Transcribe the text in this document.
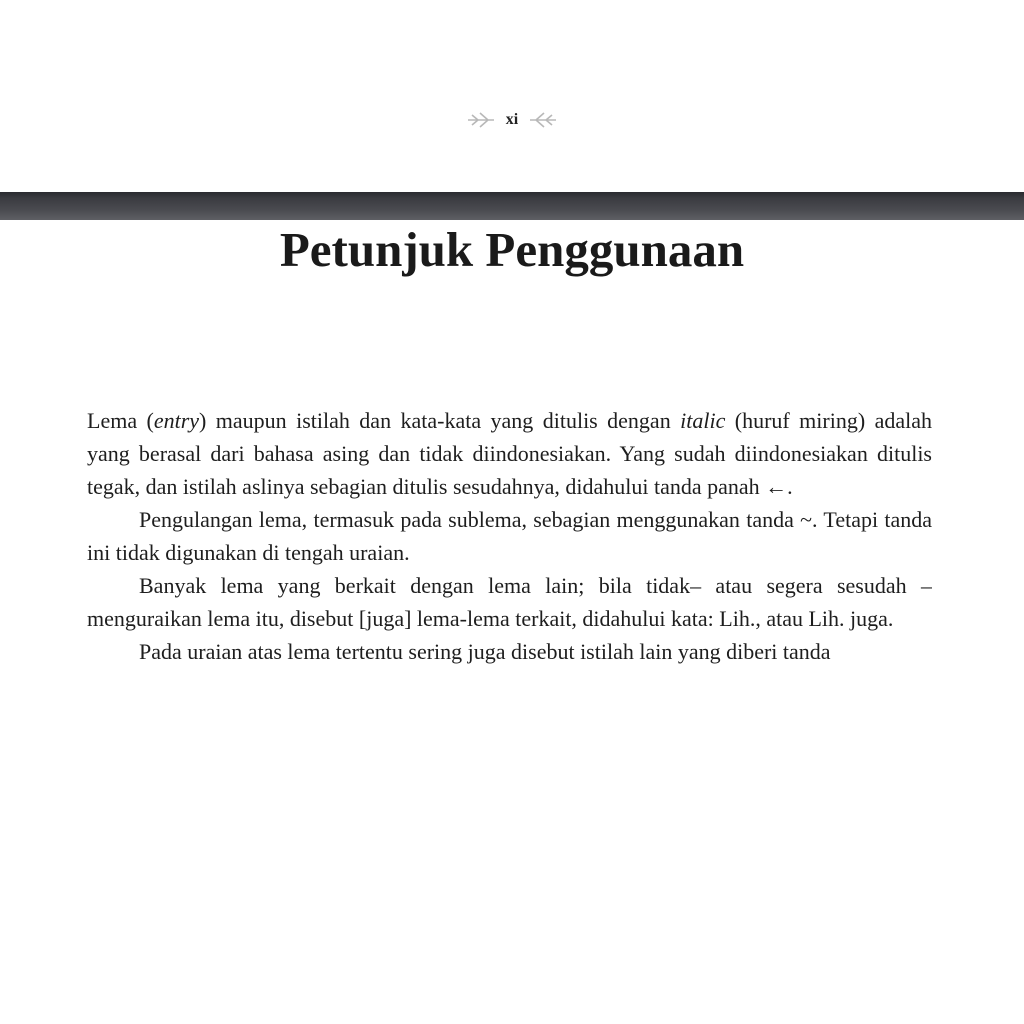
xi
Petunjuk Penggunaan

Lema (entry) maupun istilah dan kata-kata yang ditulis dengan italic (huruf miring) adalah yang berasal dari bahasa asing dan tidak diindonesiakan. Yang sudah diindonesiakan ditulis tegak, dan istilah aslinya sebagian ditulis sesudahnya, didahului tanda panah ←.

Pengulangan lema, termasuk pada sublema, sebagian menggunakan tanda ~. Tetapi tanda ini tidak digunakan di tengah uraian.

Banyak lema yang berkait dengan lema lain; bila tidak– atau segera sesudah –menguraikan lema itu, disebut [juga] lema-lema terkait, didahului kata: Lih., atau Lih. juga.

Pada uraian atas lema tertentu sering juga disebut istilah lain yang diberi tanda
